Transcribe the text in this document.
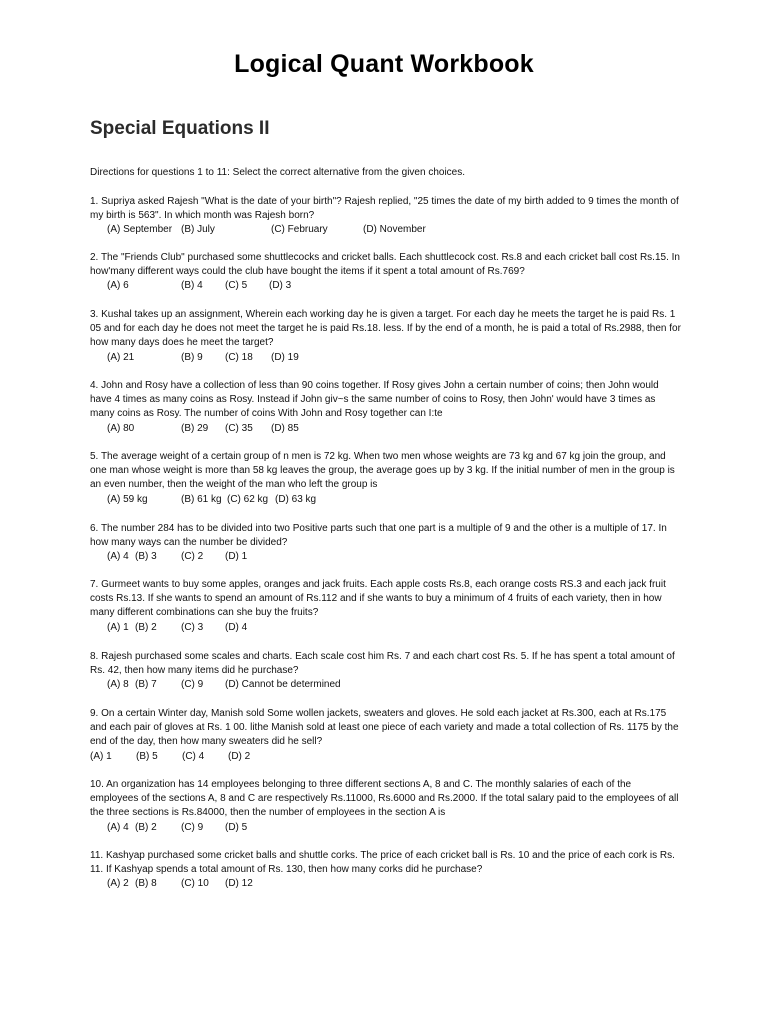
Logical Quant Workbook
Special Equations II
Directions for questions 1 to 11: Select the correct alternative from the given choices.

1. Supriya asked Rajesh "What is the date of your birth"? Rajesh replied, "25 times the date of my birth added to 9 times the month of my birth is 563". In which month was Rajesh born?

(A) September (B) July	(C) February	(D) November

2. The "Friends Club" purchased some shuttlecocks and cricket balls. Each shuttlecock cost. Rs.8 and each cricket ball cost Rs.15. In how'many different ways could the club have bought the items if it spent a total amount of Rs.769?

(A) 6	(B) 4 (C) 5 (D) 3

3. Kushal takes up an assignment, Wherein each working day he is given a target. For each day he meets the target he is paid Rs. 1 05 and for each day he does not meet the target he is paid Rs.18. less. If by the end of a month, he is paid a total of Rs.2988, then for how many days does he meet the target?

(A) 21	(B) 9 (C) 18 (D) 19

4. John and Rosy have a collection of less than 90 coins together. If Rosy gives John a certain number of coins; then John would have 4 times as many coins as Rosy. Instead if John giv~s the same number of coins to Rosy, then John' would have 3 times as many coins as Rosy. The number of coins With John and Rosy together can I:te

(A) 80	(B) 29 (C) 35 (D) 85

5. The average weight of a certain group of n men is 72 kg. When two men whose weights are 73 kg and 67 kg join the group, and one man whose weight is more than 58 kg leaves the group, the average goes up by 3 kg. If the initial number of men in the group is an even number, then the weight of the man who left the group is

(A) 59 kg	(B) 61 kg (C) 62 kg (D) 63 kg

6. The number 284 has to be divided into two Positive parts such that one part is a multiple of 9 and the other is a multiple of 17. In how many ways can the number be divided?

(A) 4 (B) 3 (C) 2 (D) 1

7. Gurmeet wants to buy some apples, oranges and jack fruits. Each apple costs Rs.8, each orange costs RS.3 and each jack fruit costs Rs.13. If she wants to spend an amount of Rs.112 and if she wants to buy a minimum of 4 fruits of each variety, then in how many different combinations can she buy the fruits?

(A) 1 (B) 2 (C) 3 (D) 4

8. Rajesh purchased some scales and charts. Each scale cost him Rs. 7 and each chart cost Rs. 5. If he has spent a total amount of Rs. 42, then how many items did he purchase?

(A) 8 (B) 7 (C) 9 (D) Cannot be determined

9. On a certain Winter day, Manish sold Some wollen jackets, sweaters and gloves. He sold each jacket at Rs.300, each at Rs.175 and each pair of gloves at Rs. 1 00. lithe Manish sold at least one piece of each variety and made a total collection of Rs. 1175 by the end of the day, then how many sweaters did he sell?

(A) 1 (B) 5 (C) 4 (D) 2

10. An organization has 14 employees belonging to three different sections A, 8 and C. The monthly salaries of each of the employees of the sections A, 8 and C are respectively Rs.11000, Rs.6000 and Rs.2000. If the total salary paid to the employees of all the three sections is Rs.84000, then the number of employees in the section A is

(A) 4 (B) 2 (C) 9 (D) 5

11. Kashyap purchased some cricket balls and shuttle corks. The price of each cricket ball is Rs. 10 and the price of each cork is Rs. 11. If Kashyap spends a total amount of Rs. 130, then how many corks did he purchase?

(A) 2 (B) 8 (C) 10 (D) 12
